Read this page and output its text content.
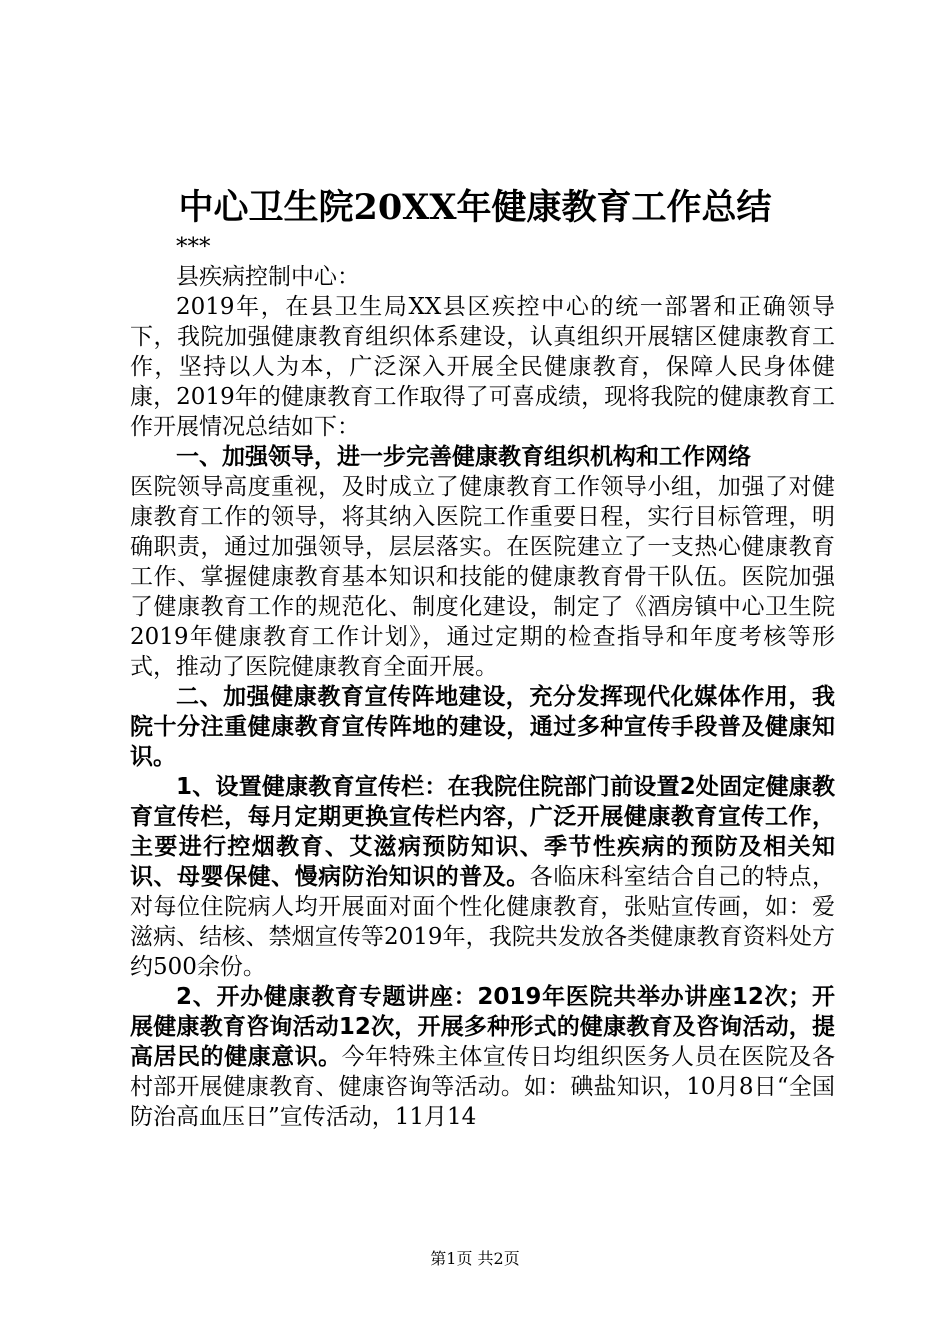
中心卫生院20XX年健康教育工作总结

***

县疾病控制中心：

2019年，在县卫生局XX县区疾控中心的统一部署和正确领导下，我院加强健康教育组织体系建设，认真组织开展辖区健康教育工作，坚持以人为本，广泛深入开展全民健康教育，保障人民身体健康，2019年的健康教育工作取得了可喜成绩，现将我院的健康教育工作开展情况总结如下：

一、加强领导，进一步完善健康教育组织机构和工作网络

医院领导高度重视，及时成立了健康教育工作领导小组，加强了对健康教育工作的领导，将其纳入医院工作重要日程，实行目标管理，明确职责，通过加强领导，层层落实。在医院建立了一支热心健康教育工作、掌握健康教育基本知识和技能的健康教育骨干队伍。医院加强了健康教育工作的规范化、制度化建设，制定了《酒房镇中心卫生院2019年健康教育工作计划》，通过定期的检查指导和年度考核等形式，推动了医院健康教育全面开展。

二、加强健康教育宣传阵地建设，充分发挥现代化媒体作用，我院十分注重健康教育宣传阵地的建设，通过多种宣传手段普及健康知识。

1、设置健康教育宣传栏：在我院住院部门前设置2处固定健康教育宣传栏，每月定期更换宣传栏内容，广泛开展健康教育宣传工作，主要进行控烟教育、艾滋病预防知识、季节性疾病的预防及相关知识、母婴保健、慢病防治知识的普及。各临床科室结合自己的特点，对每位住院病人均开展面对面个性化健康教育，张贴宣传画，如：爱滋病、结核、禁烟宣传等2019年，我院共发放各类健康教育资料处方约500余份。

2、开办健康教育专题讲座：2019年医院共举办讲座12次；开展健康教育咨询活动12次，开展多种形式的健康教育及咨询活动，提高居民的健康意识。今年特殊主体宣传日均组织医务人员在医院及各村部开展健康教育、健康咨询等活动。如：碘盐知识，10月8日“全国防治高血压日”宣传活动，11月14

第1页 共2页
